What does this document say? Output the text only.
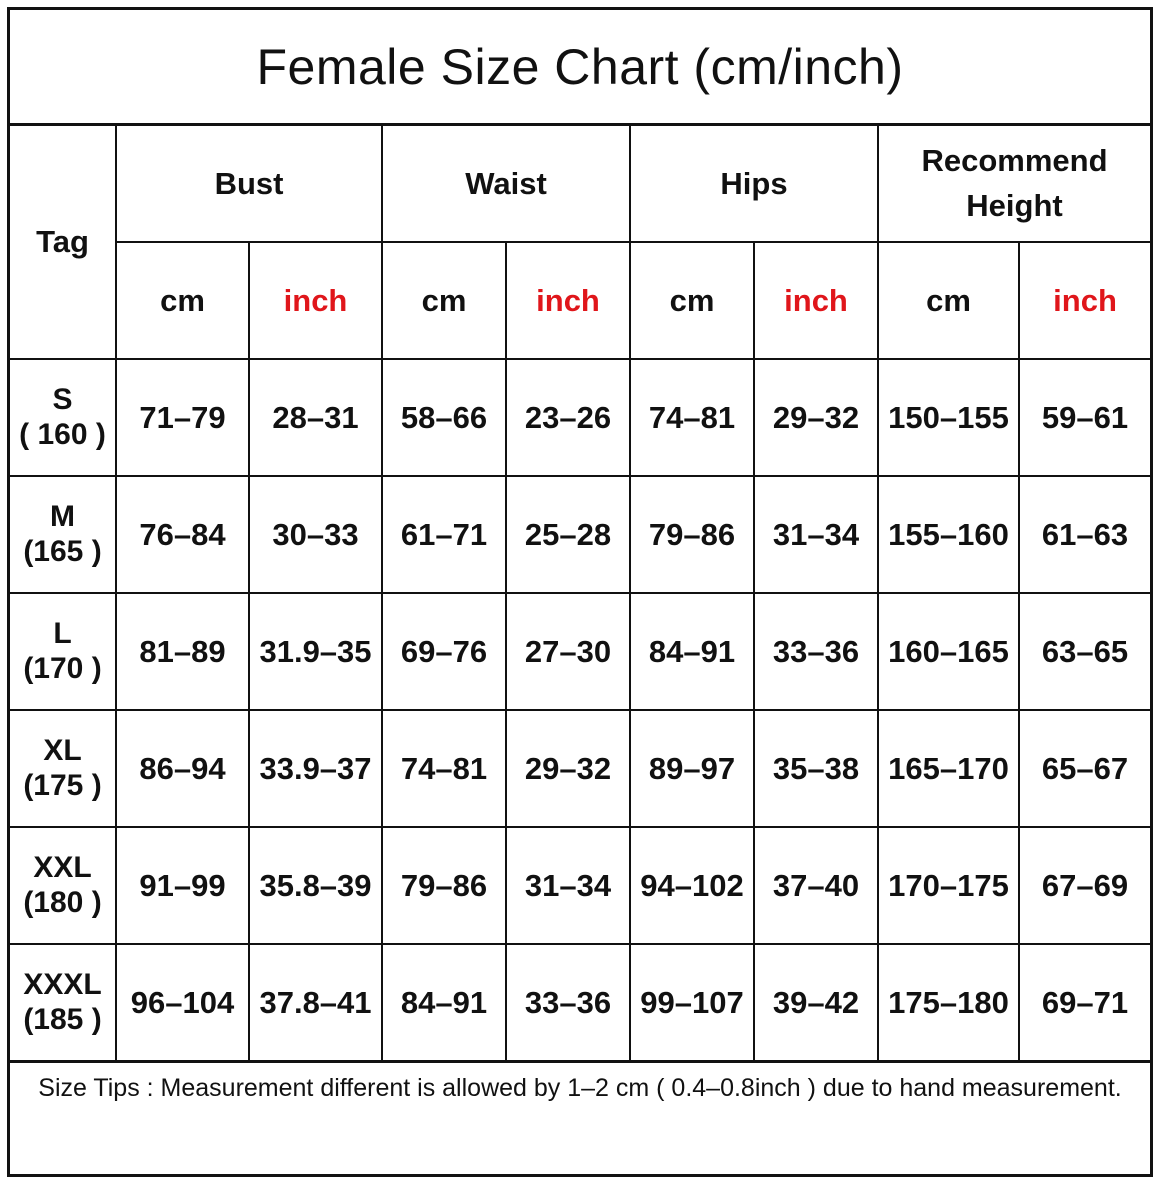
Female Size Chart (cm/inch)
Tag	Bust		Waist		Hips		Recommend Height	
	cm	inch	cm	inch	cm	inch	cm	inch

S
( 160 )	71–79	28–31	58–66	23–26	74–81	29–32	150–155	59–61

M
(165 )	76–84	30–33	61–71	25–28	79–86	31–34	155–160	61–63

L
(170 )	81–89	31.9–35	69–76	27–30	84–91	33–36	160–165	63–65

XL
(175 )	86–94	33.9–37	74–81	29–32	89–97	35–38	165–170	65–67

XXL
(180 )	91–99	35.8–39	79–86	31–34	94–102	37–40	170–175	67–69

XXXL
(185 )	96–104	37.8–41	84–91	33–36	99–107	39–42	175–180	69–71
Size Tips : Measurement different is allowed by 1–2 cm ( 0.4–0.8inch ) due to hand measurement.
